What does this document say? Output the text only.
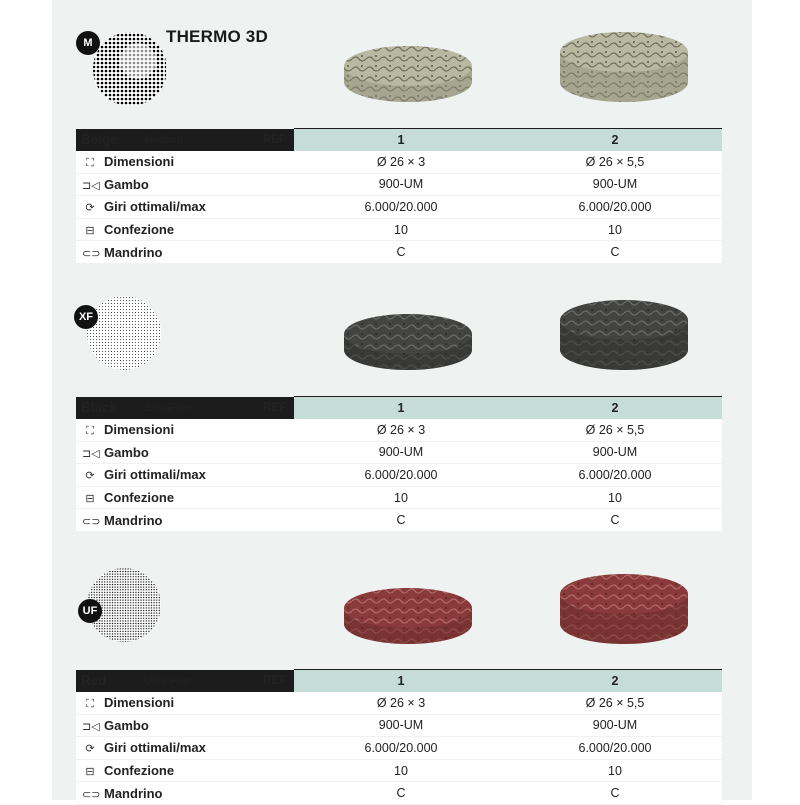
THERMO 3D
M
Beige Medium REF	1	2
⛶ Dimensioni	Ø 26 × 3	Ø 26 × 5,5
⊐◁ Gambo	900-UM	900-UM
⟳ Giri ottimali/max	6.000/20.000	6.000/20.000
⊟ Confezione	10	10
⊂⊃ Mandrino	C	C
XF
Black ExtraFine REF	1	2
⛶ Dimensioni	Ø 26 × 3	Ø 26 × 5,5
⊐◁ Gambo	900-UM	900-UM
⟳ Giri ottimali/max	6.000/20.000	6.000/20.000
⊟ Confezione	10	10
⊂⊃ Mandrino	C	C
UF
Red Ultra Fine REF	1	2
⛶ Dimensioni	Ø 26 × 3	Ø 26 × 5,5
⊐◁ Gambo	900-UM	900-UM
⟳ Giri ottimali/max	6.000/20.000	6.000/20.000
⊟ Confezione	10	10
⊂⊃ Mandrino	C	C
